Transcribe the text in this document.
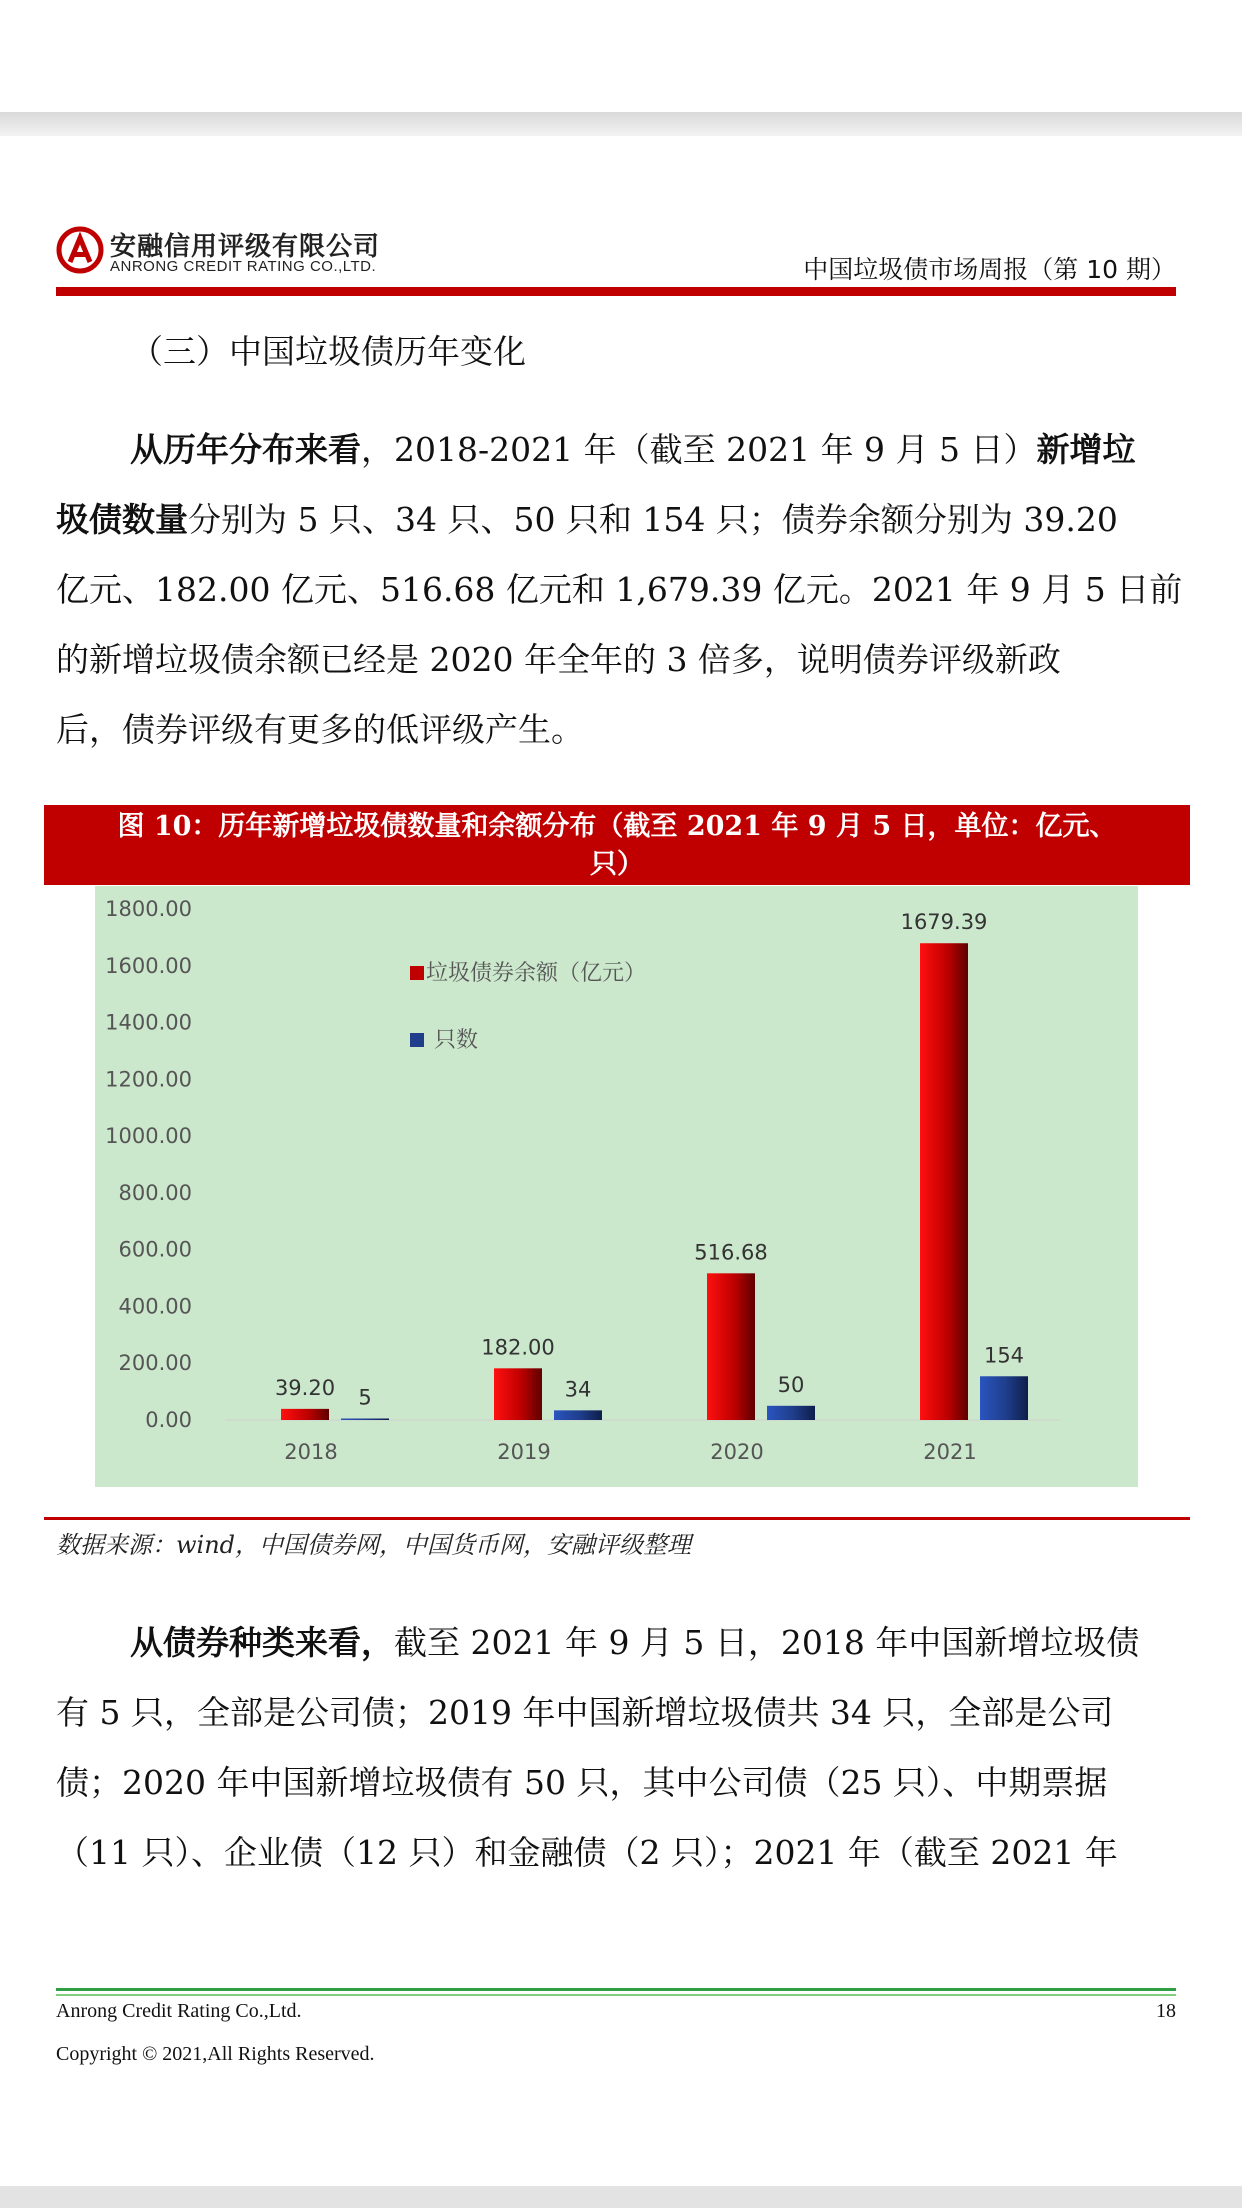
安融信用评级有限公司
ANRONG CREDIT RATING CO.,LTD.	中国垃圾债市场周报（第 10 期）
（三）中国垃圾债历年变化
从历年分布来看，2018-2021 年（截至 2021 年 9 月 5 日）新增垃
圾债数量分别为 5 只、34 只、50 只和 154 只；债券余额分别为 39.20
亿元、182.00 亿元、516.68 亿元和 1,679.39 亿元。2021 年 9 月 5 日前
的新增垃圾债余额已经是 2020 年全年的 3 倍多，说明债券评级新政
后，债券评级有更多的低评级产生。
图 10：历年新增垃圾债数量和余额分布（截至 2021 年 9 月 5 日，单位：亿元、
只）
0.00
200.00
400.00
600.00
800.00
1000.00
1200.00
1400.00
1600.00
1800.00
39.20 5
182.00
34
516.68
50
1679.39
154
2018	2019	2020	2021
垃圾债券余额（亿元）
只数
数据来源：wind，中国债券网，中国货币网，安融评级整理
从债券种类来看，截至 2021 年 9 月 5 日，2018 年中国新增垃圾债
有 5 只，全部是公司债；2019 年中国新增垃圾债共 34 只，全部是公司
债；2020 年中国新增垃圾债有 50 只，其中公司债（25 只）、中期票据
（11 只）、企业债（12 只）和金融债（2 只）；2021 年（截至 2021 年
Anrong Credit Rating Co.,Ltd.	18
Copyright © 2021,All Rights Reserved.
